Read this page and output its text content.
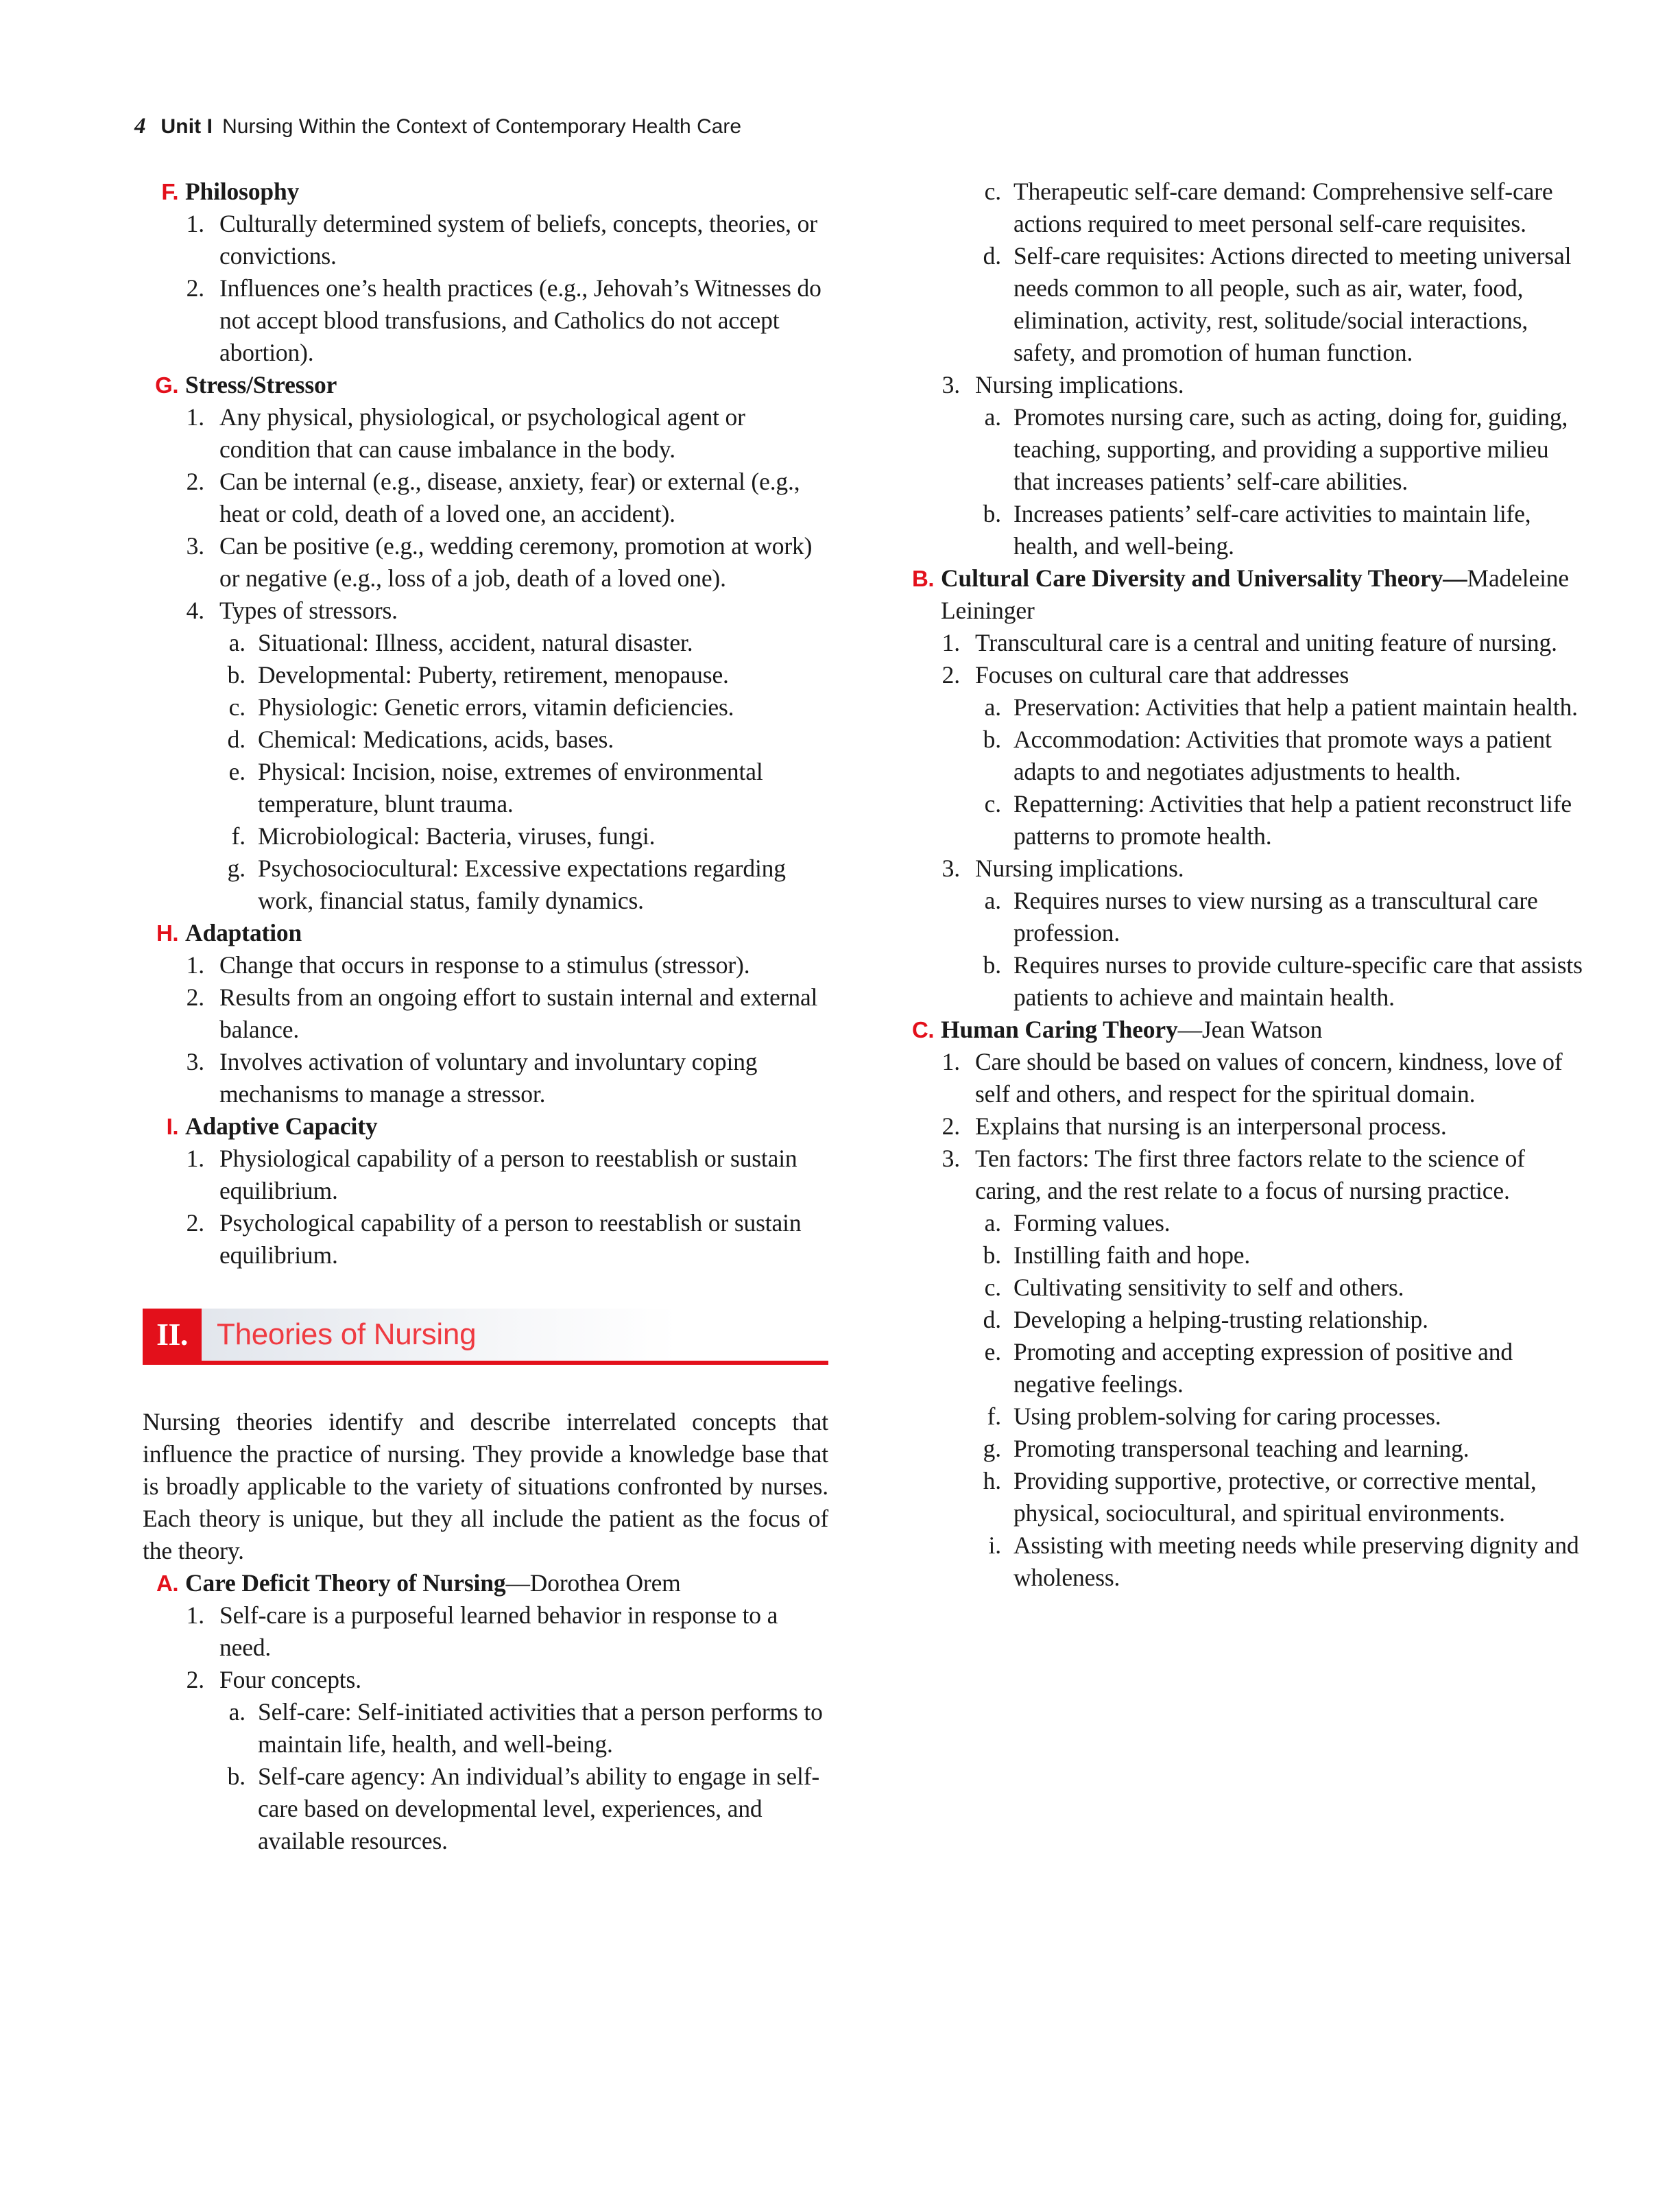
4 Unit I Nursing Within the Context of Contemporary Health Care
F. Philosophy
1. Culturally determined system of beliefs, concepts, theories, or convictions.
2. Influences one’s health practices (e.g., Jehovah’s Witnesses do not accept blood transfusions, and Catholics do not accept abortion).
G. Stress/Stressor
1. Any physical, physiological, or psychological agent or condition that can cause imbalance in the body.
2. Can be internal (e.g., disease, anxiety, fear) or external (e.g., heat or cold, death of a loved one, an accident).
3. Can be positive (e.g., wedding ceremony, promotion at work) or negative (e.g., loss of a job, death of a loved one).
4. Types of stressors.
a. Situational: Illness, accident, natural disaster.
b. Developmental: Puberty, retirement, menopause.
c. Physiologic: Genetic errors, vitamin deficiencies.
d. Chemical: Medications, acids, bases.
e. Physical: Incision, noise, extremes of environmental temperature, blunt trauma.
f. Microbiological: Bacteria, viruses, fungi.
g. Psychosociocultural: Excessive expectations regarding work, financial status, family dynamics.
H. Adaptation
1. Change that occurs in response to a stimulus (stressor).
2. Results from an ongoing effort to sustain internal and external balance.
3. Involves activation of voluntary and involuntary coping mechanisms to manage a stressor.
I. Adaptive Capacity
1. Physiological capability of a person to reestablish or sustain equilibrium.
2. Psychological capability of a person to reestablish or sustain equilibrium.
II. Theories of Nursing
Nursing theories identify and describe interrelated concepts that influence the practice of nursing. They provide a knowledge base that is broadly applicable to the variety of situations confronted by nurses. Each theory is unique, but they all include the patient as the focus of the theory.
A. Care Deficit Theory of Nursing—Dorothea Orem
1. Self-care is a purposeful learned behavior in response to a need.
2. Four concepts.
a. Self-care: Self-initiated activities that a person performs to maintain life, health, and well-being.
b. Self-care agency: An individual’s ability to engage in self-care based on developmental level, experiences, and available resources.
c. Therapeutic self-care demand: Comprehensive self-care actions required to meet personal self-care requisites.
d. Self-care requisites: Actions directed to meeting universal needs common to all people, such as air, water, food, elimination, activity, rest, solitude/social interactions, safety, and promotion of human function.
3. Nursing implications.
a. Promotes nursing care, such as acting, doing for, guiding, teaching, supporting, and providing a supportive milieu that increases patients’ self-care abilities.
b. Increases patients’ self-care activities to maintain life, health, and well-being.
B. Cultural Care Diversity and Universality Theory—Madeleine Leininger
1. Transcultural care is a central and uniting feature of nursing.
2. Focuses on cultural care that addresses
a. Preservation: Activities that help a patient maintain health.
b. Accommodation: Activities that promote ways a patient adapts to and negotiates adjustments to health.
c. Repatterning: Activities that help a patient reconstruct life patterns to promote health.
3. Nursing implications.
a. Requires nurses to view nursing as a transcultural care profession.
b. Requires nurses to provide culture-specific care that assists patients to achieve and maintain health.
C. Human Caring Theory—Jean Watson
1. Care should be based on values of concern, kindness, love of self and others, and respect for the spiritual domain.
2. Explains that nursing is an interpersonal process.
3. Ten factors: The first three factors relate to the science of caring, and the rest relate to a focus of nursing practice.
a. Forming values.
b. Instilling faith and hope.
c. Cultivating sensitivity to self and others.
d. Developing a helping-trusting relationship.
e. Promoting and accepting expression of positive and negative feelings.
f. Using problem-solving for caring processes.
g. Promoting transpersonal teaching and learning.
h. Providing supportive, protective, or corrective mental, physical, sociocultural, and spiritual environments.
i. Assisting with meeting needs while preserving dignity and wholeness.
